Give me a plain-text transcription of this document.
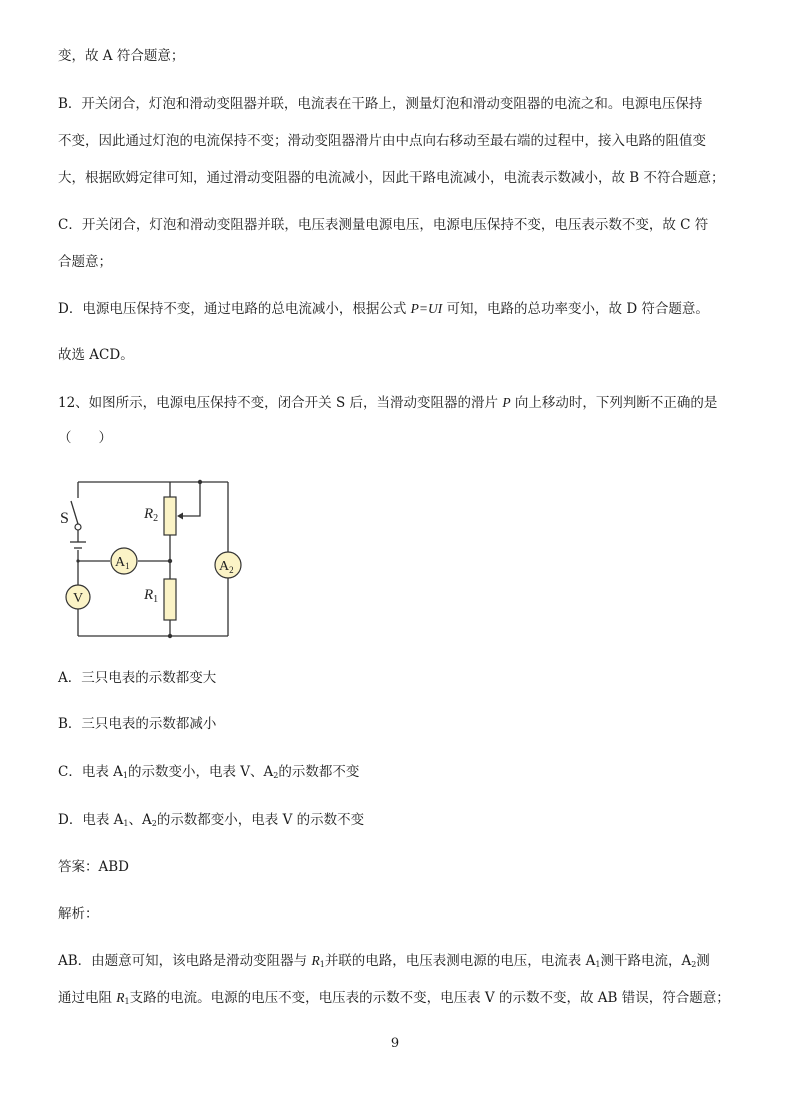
变，故 A 符合题意；
B．开关闭合，灯泡和滑动变阻器并联，电流表在干路上，测量灯泡和滑动变阻器的电流之和。电源电压保持
不变，因此通过灯泡的电流保持不变；滑动变阻器滑片由中点向右移动至最右端的过程中，接入电路的阻值变
大，根据欧姆定律可知，通过滑动变阻器的电流减小，因此干路电流减小，电流表示数减小，故 B 不符合题意；
C．开关闭合，灯泡和滑动变阻器并联，电压表测量电源电压，电源电压保持不变，电压表示数不变，故 C 符
合题意；
D．电源电压保持不变，通过电路的总电流减小，根据公式 P=UI 可知，电路的总功率变小，故 D 符合题意。
故选 ACD。
12、如图所示，电源电压保持不变，闭合开关 S 后，当滑动变阻器的滑片 P 向上移动时，下列判断不正确的是
（　　）
S	$R_2$
$R_1$
$A_1$	$A_2$
V
A．三只电表的示数都变大
B．三只电表的示数都减小
C．电表 $A_1$的示数变小，电表 V、$A_2$的示数都不变
D．电表 $A_1$、$A_2$的示数都变小，电表 V 的示数不变
答案：ABD
解析：
AB．由题意可知，该电路是滑动变阻器与 $R_1$并联的电路，电压表测电源的电压，电流表 $A_1$测干路电流，$A_2$测
通过电阻 $R_1$支路的电流。电源的电压不变，电压表的示数不变，电压表 V 的示数不变，故 AB 错误，符合题意；
9
